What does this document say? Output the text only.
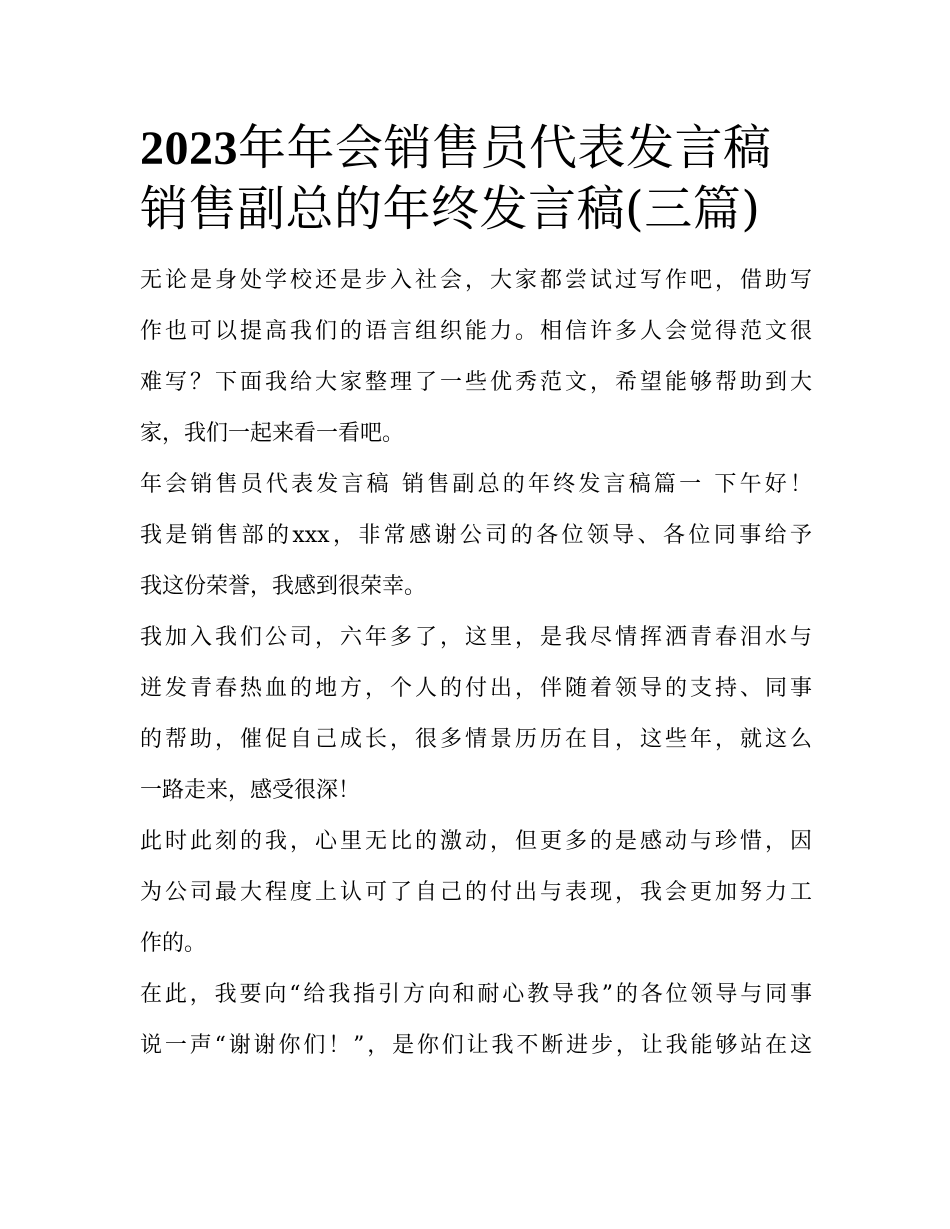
2023年年会销售员代表发言稿
销售副总的年终发言稿(三篇)

无论是身处学校还是步入社会，大家都尝试过写作吧，借助写
作也可以提高我们的语言组织能力。相信许多人会觉得范文很
难写？下面我给大家整理了一些优秀范文，希望能够帮助到大
家，我们一起来看一看吧。

年会销售员代表发言稿 销售副总的年终发言稿篇一 下午好！
我是销售部的xxx，非常感谢公司的各位领导、各位同事给予
我这份荣誉，我感到很荣幸。

我加入我们公司，六年多了，这里，是我尽情挥洒青春泪水与
迸发青春热血的地方，个人的付出，伴随着领导的支持、同事
的帮助，催促自己成长，很多情景历历在目，这些年，就这么
一路走来，感受很深！

此时此刻的我，心里无比的激动，但更多的是感动与珍惜，因
为公司最大程度上认可了自己的付出与表现，我会更加努力工
作的。

在此，我要向“给我指引方向和耐心教导我”的各位领导与同事
说一声“谢谢你们！”，是你们让我不断进步，让我能够站在这
